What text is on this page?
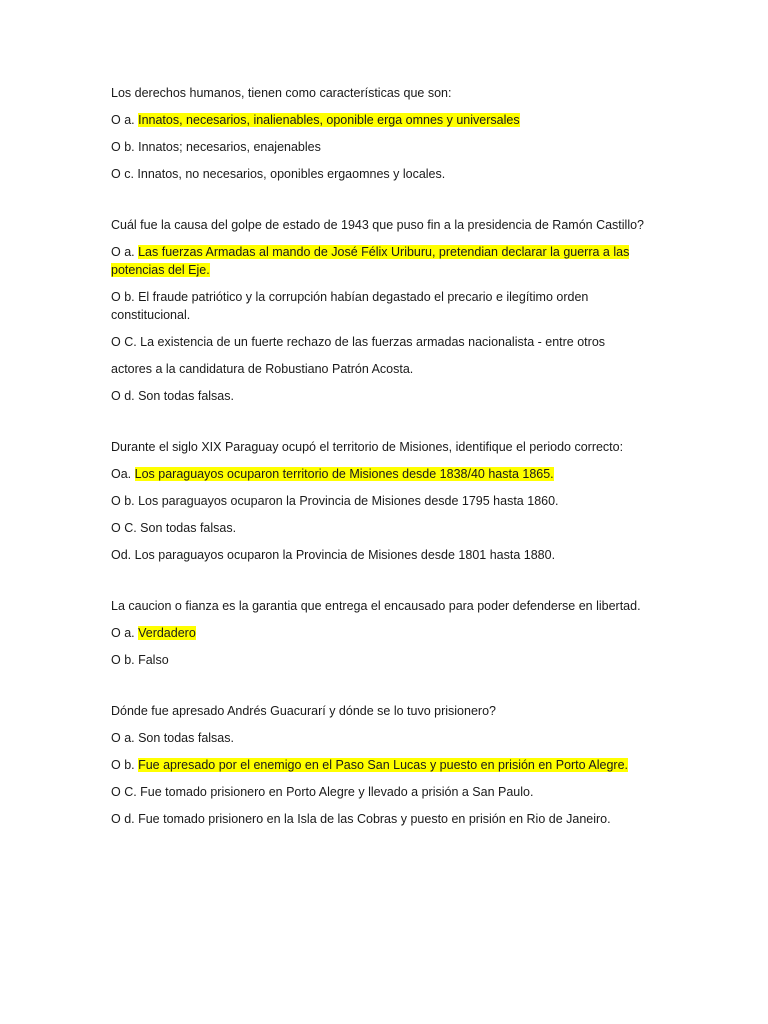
Los derechos humanos, tienen como características que son:

O a. Innatos, necesarios, inalienables, oponible erga omnes y universales

O b. Innatos; necesarios, enajenables

O c. Innatos, no necesarios, oponibles ergaomnes y locales.

Cuál fue la causa del golpe de estado de 1943 que puso fin a la presidencia de Ramón Castillo?

O a. Las fuerzas Armadas al mando de José Félix Uriburu, pretendian declarar la guerra a las potencias del Eje.

O b. El fraude patriótico y la corrupción habían degastado el precario e ilegítimo orden constitucional.

O C. La existencia de un fuerte rechazo de las fuerzas armadas nacionalista - entre otros

actores a la candidatura de Robustiano Patrón Acosta.

O d. Son todas falsas.

Durante el siglo XIX Paraguay ocupó el territorio de Misiones, identifique el periodo correcto:

Oa. Los paraguayos ocuparon territorio de Misiones desde 1838/40 hasta 1865.

O b. Los paraguayos ocuparon la Provincia de Misiones desde 1795 hasta 1860.

O C. Son todas falsas.

Od. Los paraguayos ocuparon la Provincia de Misiones desde 1801 hasta 1880.

La caucion o fianza es la garantia que entrega el encausado para poder defenderse en libertad.

O a. Verdadero

O b. Falso

Dónde fue apresado Andrés Guacurarí y dónde se lo tuvo prisionero?

O a. Son todas falsas.

O b. Fue apresado por el enemigo en el Paso San Lucas y puesto en prisión en Porto Alegre.

O C. Fue tomado prisionero en Porto Alegre y llevado a prisión a San Paulo.

O d. Fue tomado prisionero en la Isla de las Cobras y puesto en prisión en Rio de Janeiro.
